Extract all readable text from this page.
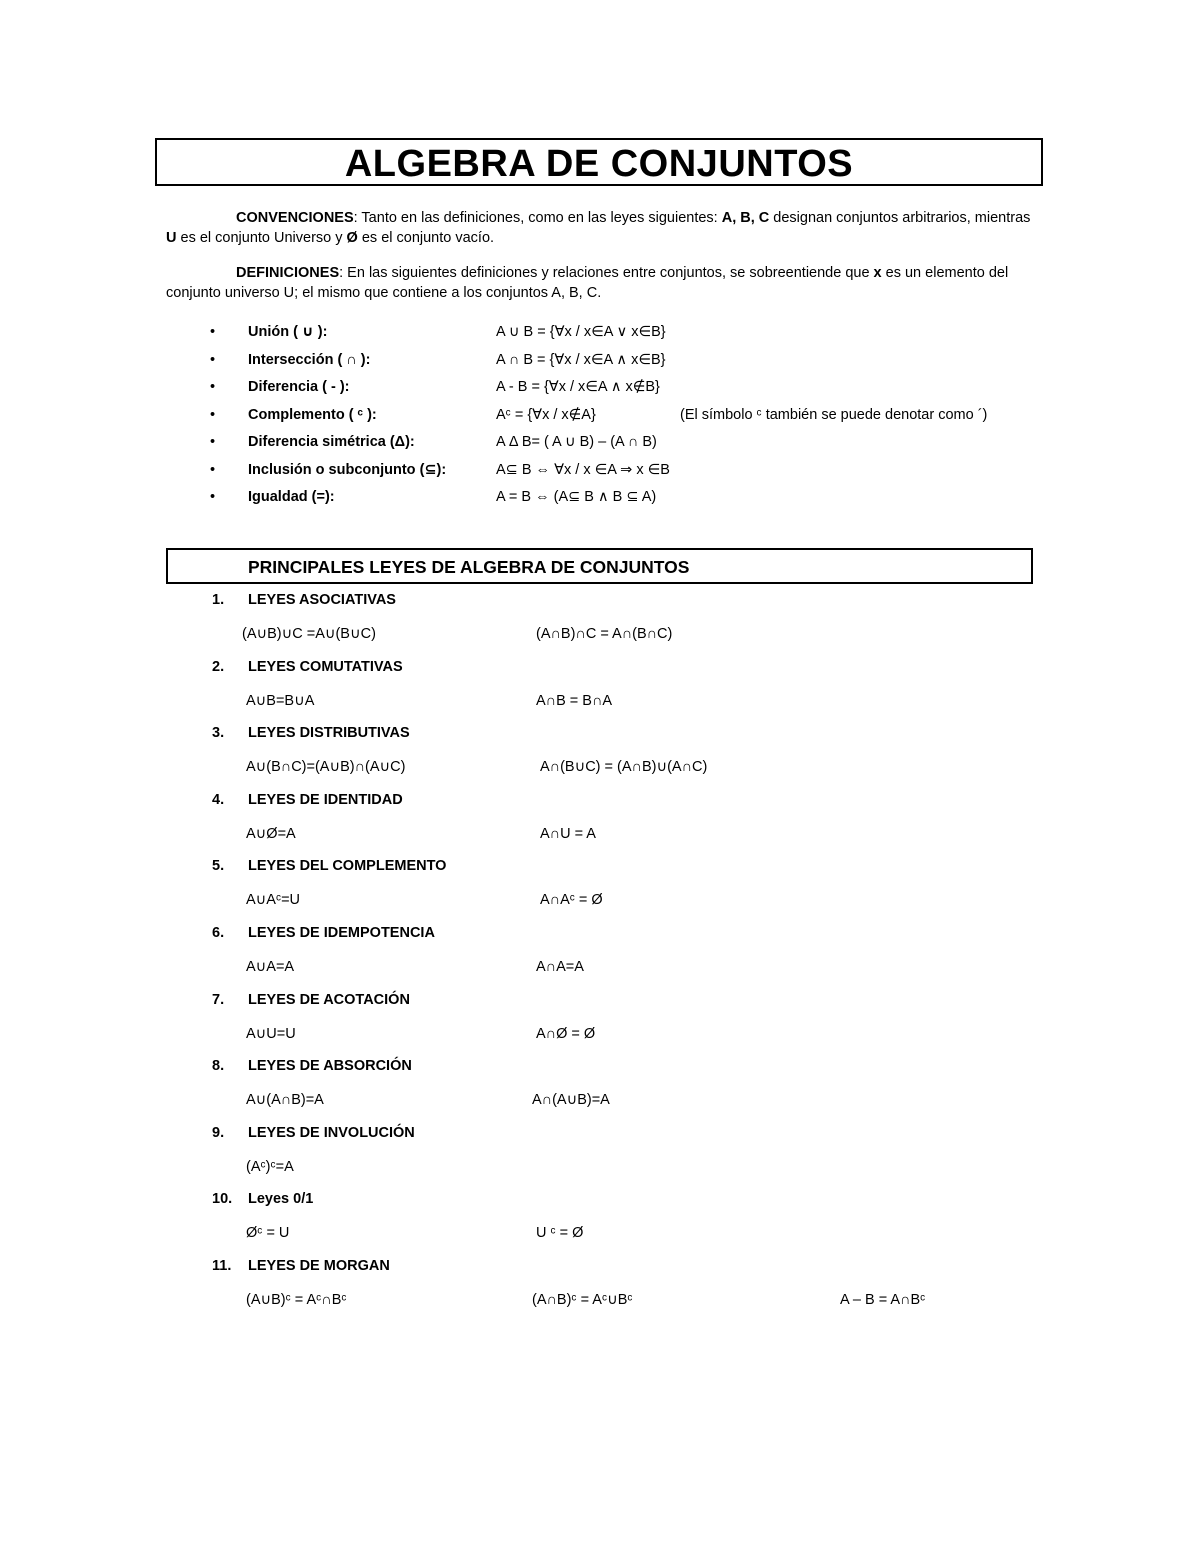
ALGEBRA DE CONJUNTOS

CONVENCIONES: Tanto en las definiciones, como en las leyes siguientes: A, B, C designan conjuntos arbitrarios, mientras U es el conjunto Universo y Ø es el conjunto vacío.

DEFINICIONES: En las siguientes definiciones y relaciones entre conjuntos, se sobreentiende que x es un elemento del conjunto universo U; el mismo que contiene a los conjuntos A, B, C.

• Unión ( ∪ ):	A ∪ B = {∀x / x∈A ∨ x∈B}
• Intersección ( ∩ ):	A ∩ B = {∀x / x∈A ∧ x∈B}
• Diferencia ( - ):	A - B = {∀x / x∈A ∧ x∉B}
• Complemento ( ᶜ ):	Aᶜ = {∀x / x∉A}	(El símbolo ᶜ también se puede denotar como ´)
• Diferencia simétrica (Δ):	A Δ B= ( A ∪ B) – (A ∩ B)
• Inclusión o subconjunto (⊆):	A⊆ B ⇔ ∀x / x ∈A ⇒ x ∈B
• Igualdad (=):	A = B ⇔ (A⊆ B ∧ B ⊆ A)
PRINCIPALES LEYES DE ALGEBRA DE CONJUNTOS
1. LEYES ASOCIATIVAS
(A∪B)∪C =A∪(B∪C)	(A∩B)∩C = A∩(B∩C)
2. LEYES COMUTATIVAS
A∪B=B∪A	A∩B = B∩A
3. LEYES DISTRIBUTIVAS
A∪(B∩C)=(A∪B)∩(A∪C)	A∩(B∪C) = (A∩B)∪(A∩C)
4. LEYES DE IDENTIDAD
A∪Ø=A	A∩U = A
5. LEYES DEL COMPLEMENTO
A∪Aᶜ=U	A∩Aᶜ = Ø
6. LEYES DE IDEMPOTENCIA
A∪A=A	A∩A=A
7. LEYES DE ACOTACIÓN
A∪U=U	A∩Ø = Ø
8. LEYES DE ABSORCIÓN
A∪(A∩B)=A	A∩(A∪B)=A
9. LEYES DE INVOLUCIÓN
(Aᶜ)ᶜ=A
10. Leyes 0/1
Øᶜ = U	U ᶜ = Ø
11. LEYES DE MORGAN
(A∪B)ᶜ = Aᶜ∩Bᶜ	(A∩B)ᶜ = Aᶜ∪Bᶜ	A – B = A∩Bᶜ
